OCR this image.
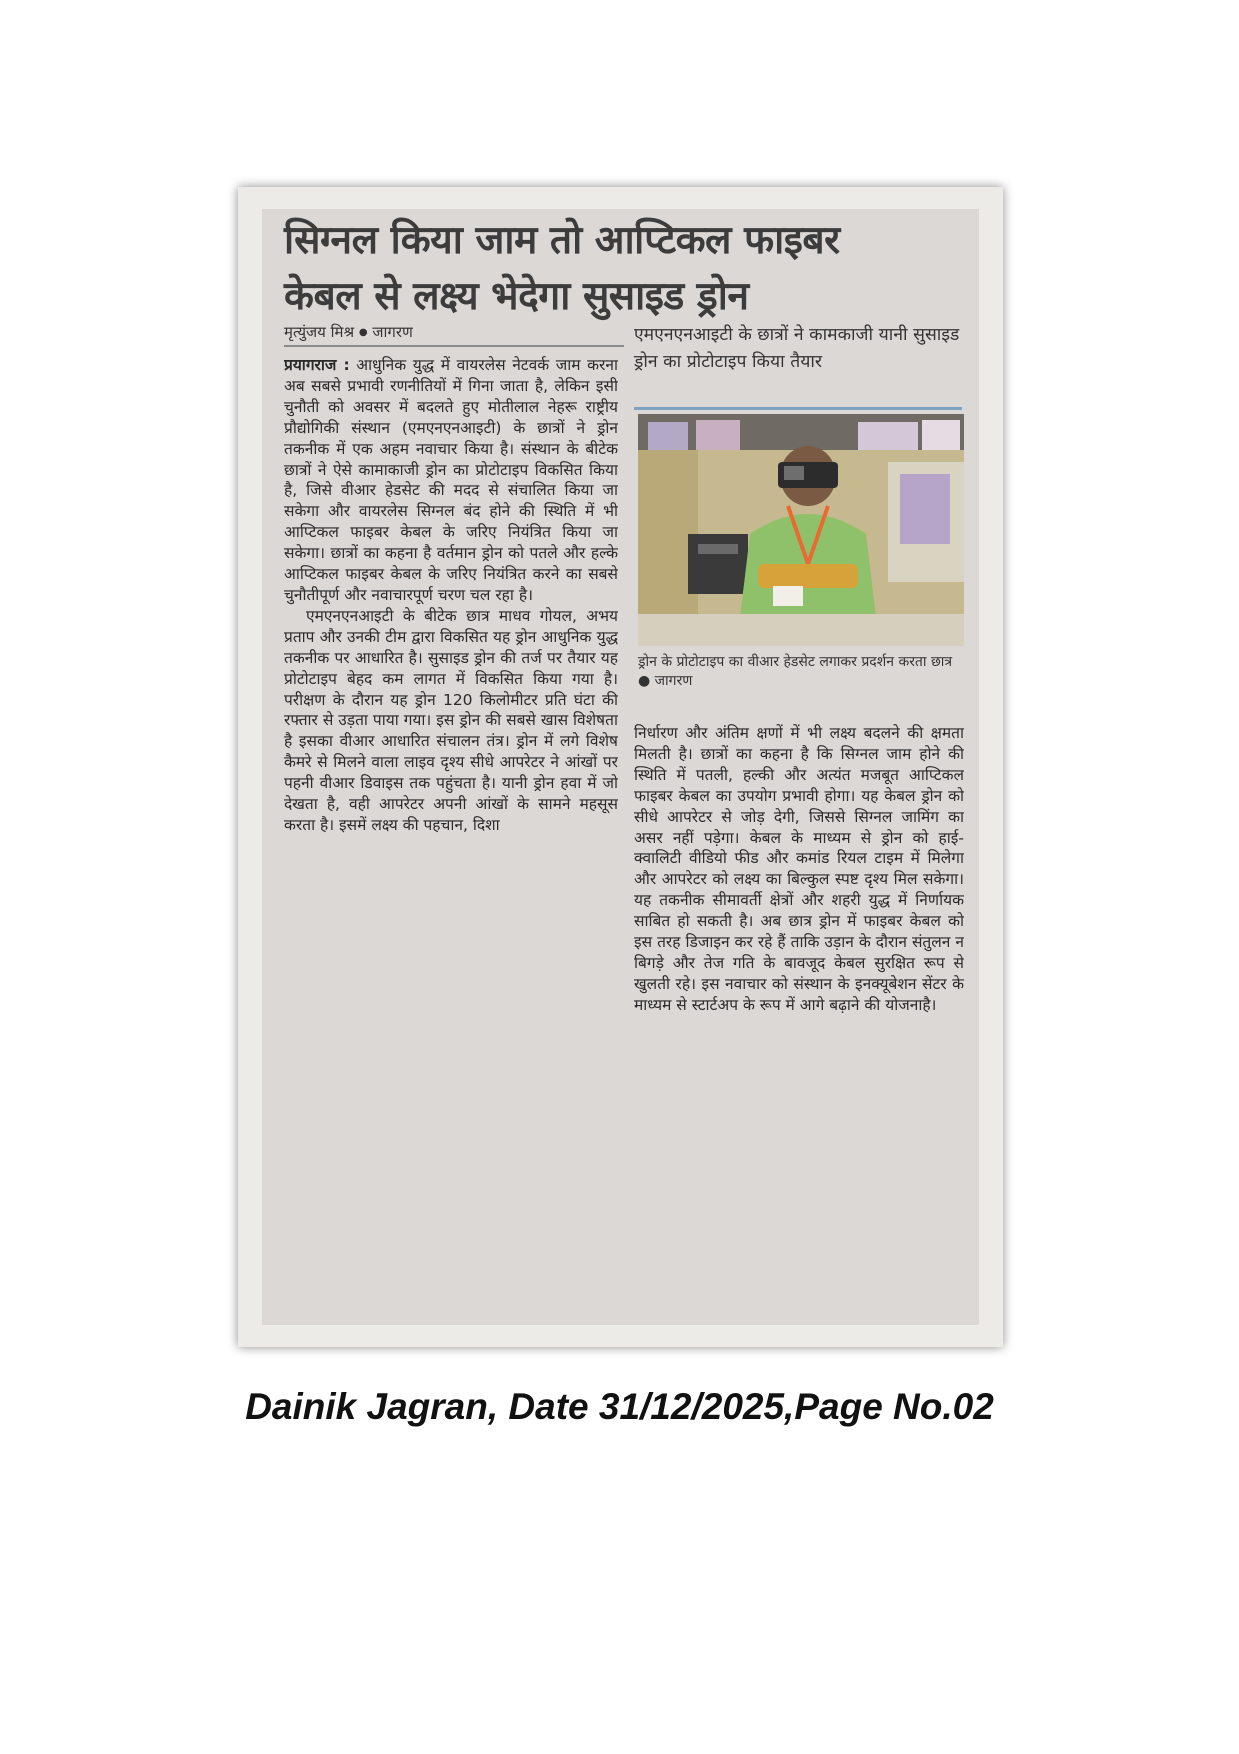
सिग्नल किया जाम तो आप्टिकल फाइबर
केबल से लक्ष्य भेदेगा सुसाइड ड्रोन
मृत्युंजय मिश्र ● जागरण	एमएनएनआइटी के छात्रों ने कामकाजी यानी सुसाइड ड्रोन का प्रोटोटाइप किया तैयार

प्रयागराज : आधुनिक युद्ध में वायरलेस नेटवर्क जाम करना अब सबसे प्रभावी रणनीतियों में गिना जाता है, लेकिन इसी चुनौती को अवसर में बदलते हुए मोतीलाल नेहरू राष्ट्रीय प्रौद्योगिकी संस्थान (एमएनएनआइटी) के छात्रों ने ड्रोन तकनीक में एक अहम नवाचार किया है। संस्थान के बीटेक छात्रों ने ऐसे कामाकाजी ड्रोन का प्रोटोटाइप विकसित किया है, जिसे वीआर हेडसेट की मदद से संचालित किया जा सकेगा और वायरलेस सिग्नल बंद होने की स्थिति में भी आप्टिकल फाइबर केबल के जरिए नियंत्रित किया जा सकेगा। छात्रों का कहना है वर्तमान ड्रोन को पतले और हल्के आप्टिकल फाइबर केबल के जरिए नियंत्रित करने का सबसे चुनौतीपूर्ण और नवाचारपूर्ण चरण चल रहा है।

एमएनएनआइटी के बीटेक छात्र माधव गोयल, अभय प्रताप और उनकी टीम द्वारा विकसित यह ड्रोन आधुनिक युद्ध तकनीक पर आधारित है। सुसाइड ड्रोन की तर्ज पर तैयार यह प्रोटोटाइप बेहद कम लागत में विकसित किया गया है। परीक्षण के दौरान यह ड्रोन 120 किलोमीटर प्रति घंटा की रफ्तार से उड़ता पाया गया। इस ड्रोन की सबसे खास विशेषता है इसका वीआर आधारित संचालन तंत्र। ड्रोन में लगे विशेष कैमरे से मिलने वाला लाइव दृश्य सीधे आपरेटर ने आंखों पर पहनी वीआर डिवाइस तक पहुंचता है। यानी ड्रोन हवा में जो देखता है, वही आपरेटर अपनी आंखों के सामने महसूस करता है। इसमें लक्ष्य की पहचान, दिशा

ड्रोन के प्रोटोटाइप का वीआर हेडसेट लगाकर प्रदर्शन करता छात्र ● जागरण

निर्धारण और अंतिम क्षणों में भी लक्ष्य बदलने की क्षमता मिलती है। छात्रों का कहना है कि सिग्नल जाम होने की स्थिति में पतली, हल्की और अत्यंत मजबूत आप्टिकल फाइबर केबल का उपयोग प्रभावी होगा। यह केबल ड्रोन को सीधे आपरेटर से जोड़ देगी, जिससे सिग्नल जामिंग का असर नहीं पड़ेगा। केबल के माध्यम से ड्रोन को हाई-क्वालिटी वीडियो फीड और कमांड रियल टाइम में मिलेगा और आपरेटर को लक्ष्य का बिल्कुल स्पष्ट दृश्य मिल सकेगा। यह तकनीक सीमावर्ती क्षेत्रों और शहरी युद्ध में निर्णायक साबित हो सकती है। अब छात्र ड्रोन में फाइबर केबल को इस तरह डिजाइन कर रहे हैं ताकि उड़ान के दौरान संतुलन न बिगड़े और तेज गति के बावजूद केबल सुरक्षित रूप से खुलती रहे। इस नवाचार को संस्थान के इनक्यूबेशन सेंटर के माध्यम से स्टार्टअप के रूप में आगे बढ़ाने की योजनाहै।

Dainik Jagran, Date 31/12/2025,Page No.02
